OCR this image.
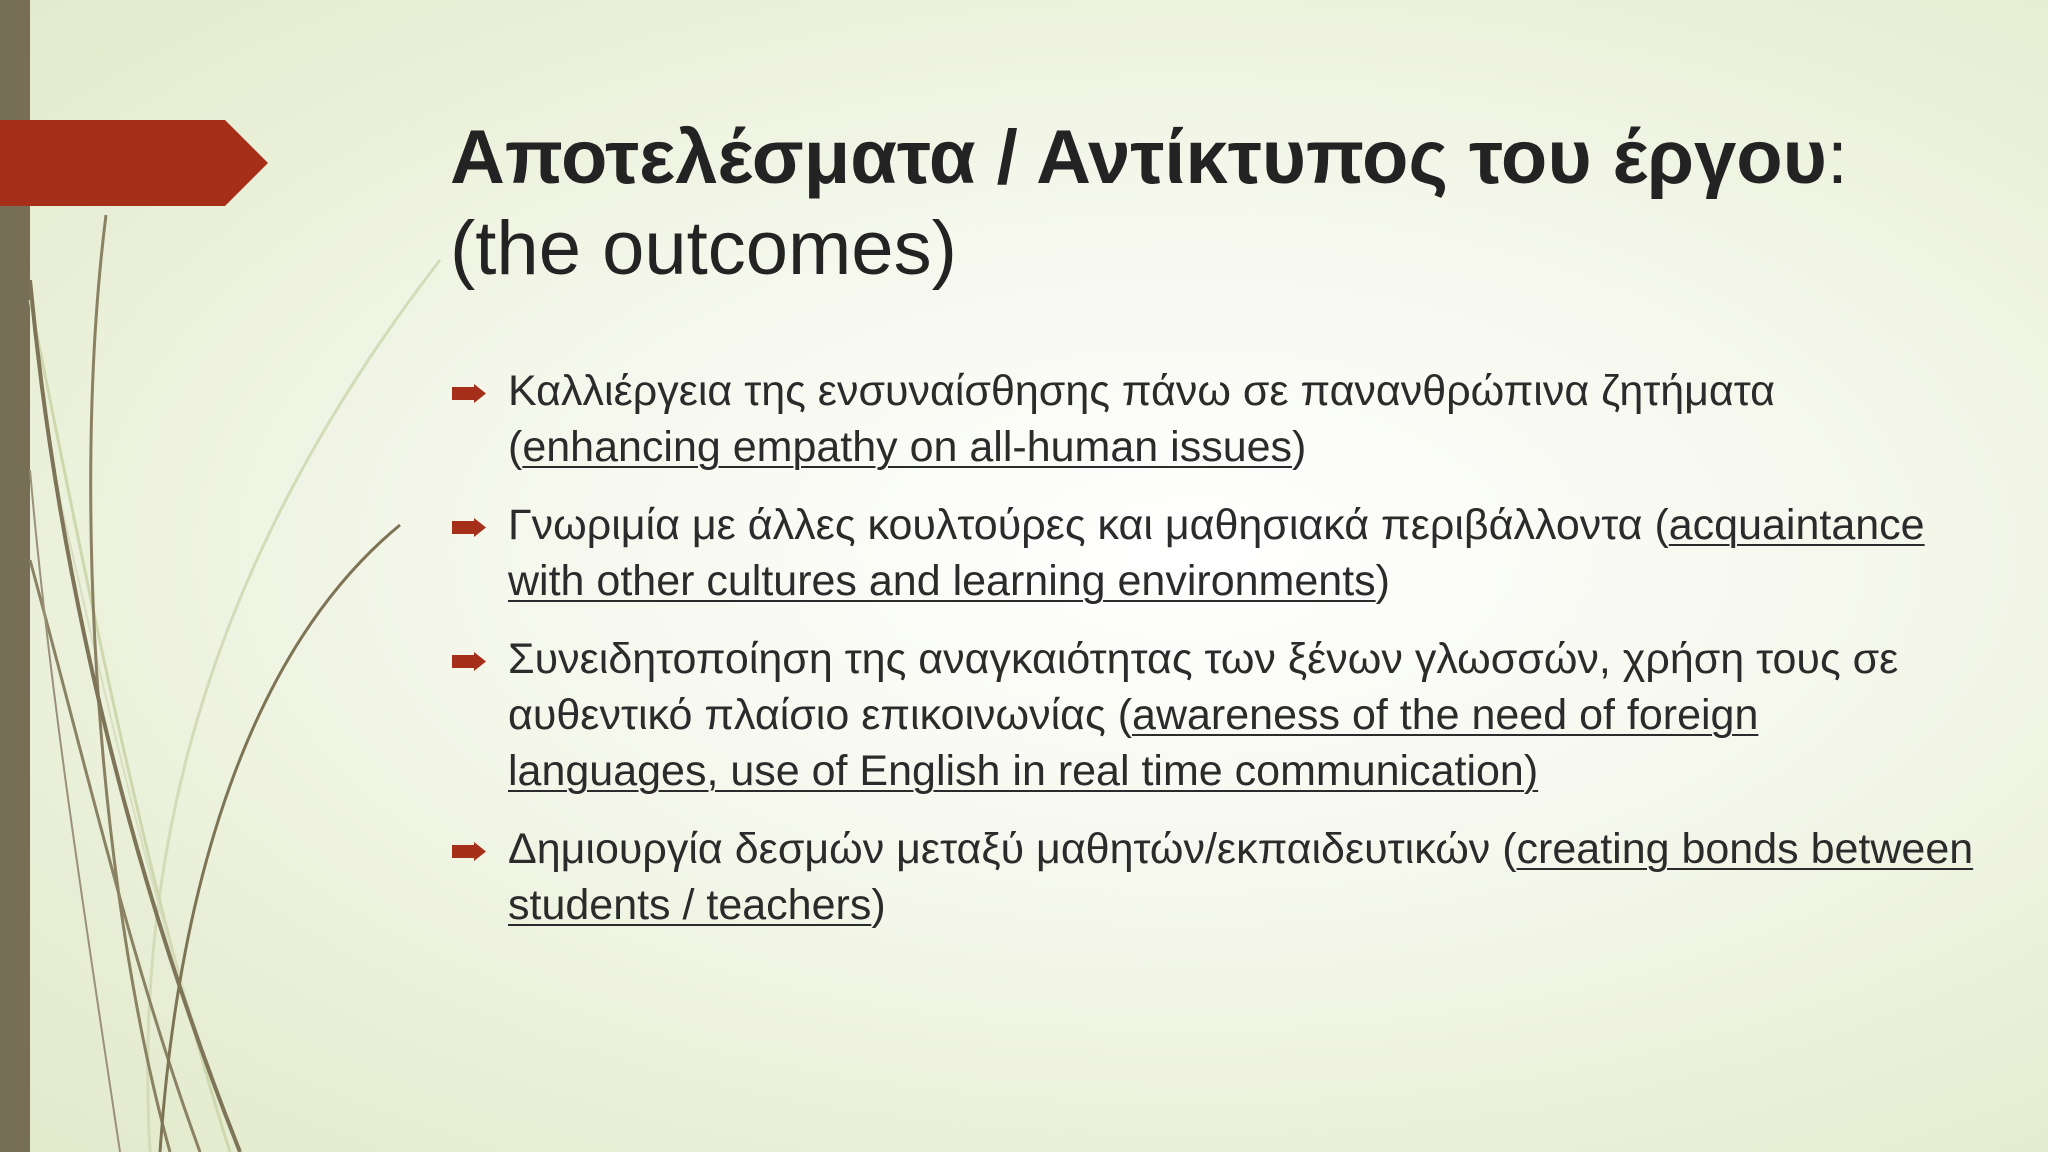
Αποτελέσματα / Αντίκτυπος του έργου:
(the outcomes)
Καλλιέργεια της ενσυναίσθησης πάνω σε πανανθρώπινα ζητήματα (enhancing empathy on all-human issues)
Γνωριμία με άλλες κουλτούρες και μαθησιακά περιβάλλοντα (acquaintance with other cultures and learning environments)
Συνειδητοποίηση της αναγκαιότητας των ξένων γλωσσών, χρήση τους σε αυθεντικό πλαίσιο επικοινωνίας (awareness of the need of foreign languages, use of English in real time communication)
Δημιουργία δεσμών μεταξύ μαθητών/εκπαιδευτικών (creating bonds between students / teachers)
